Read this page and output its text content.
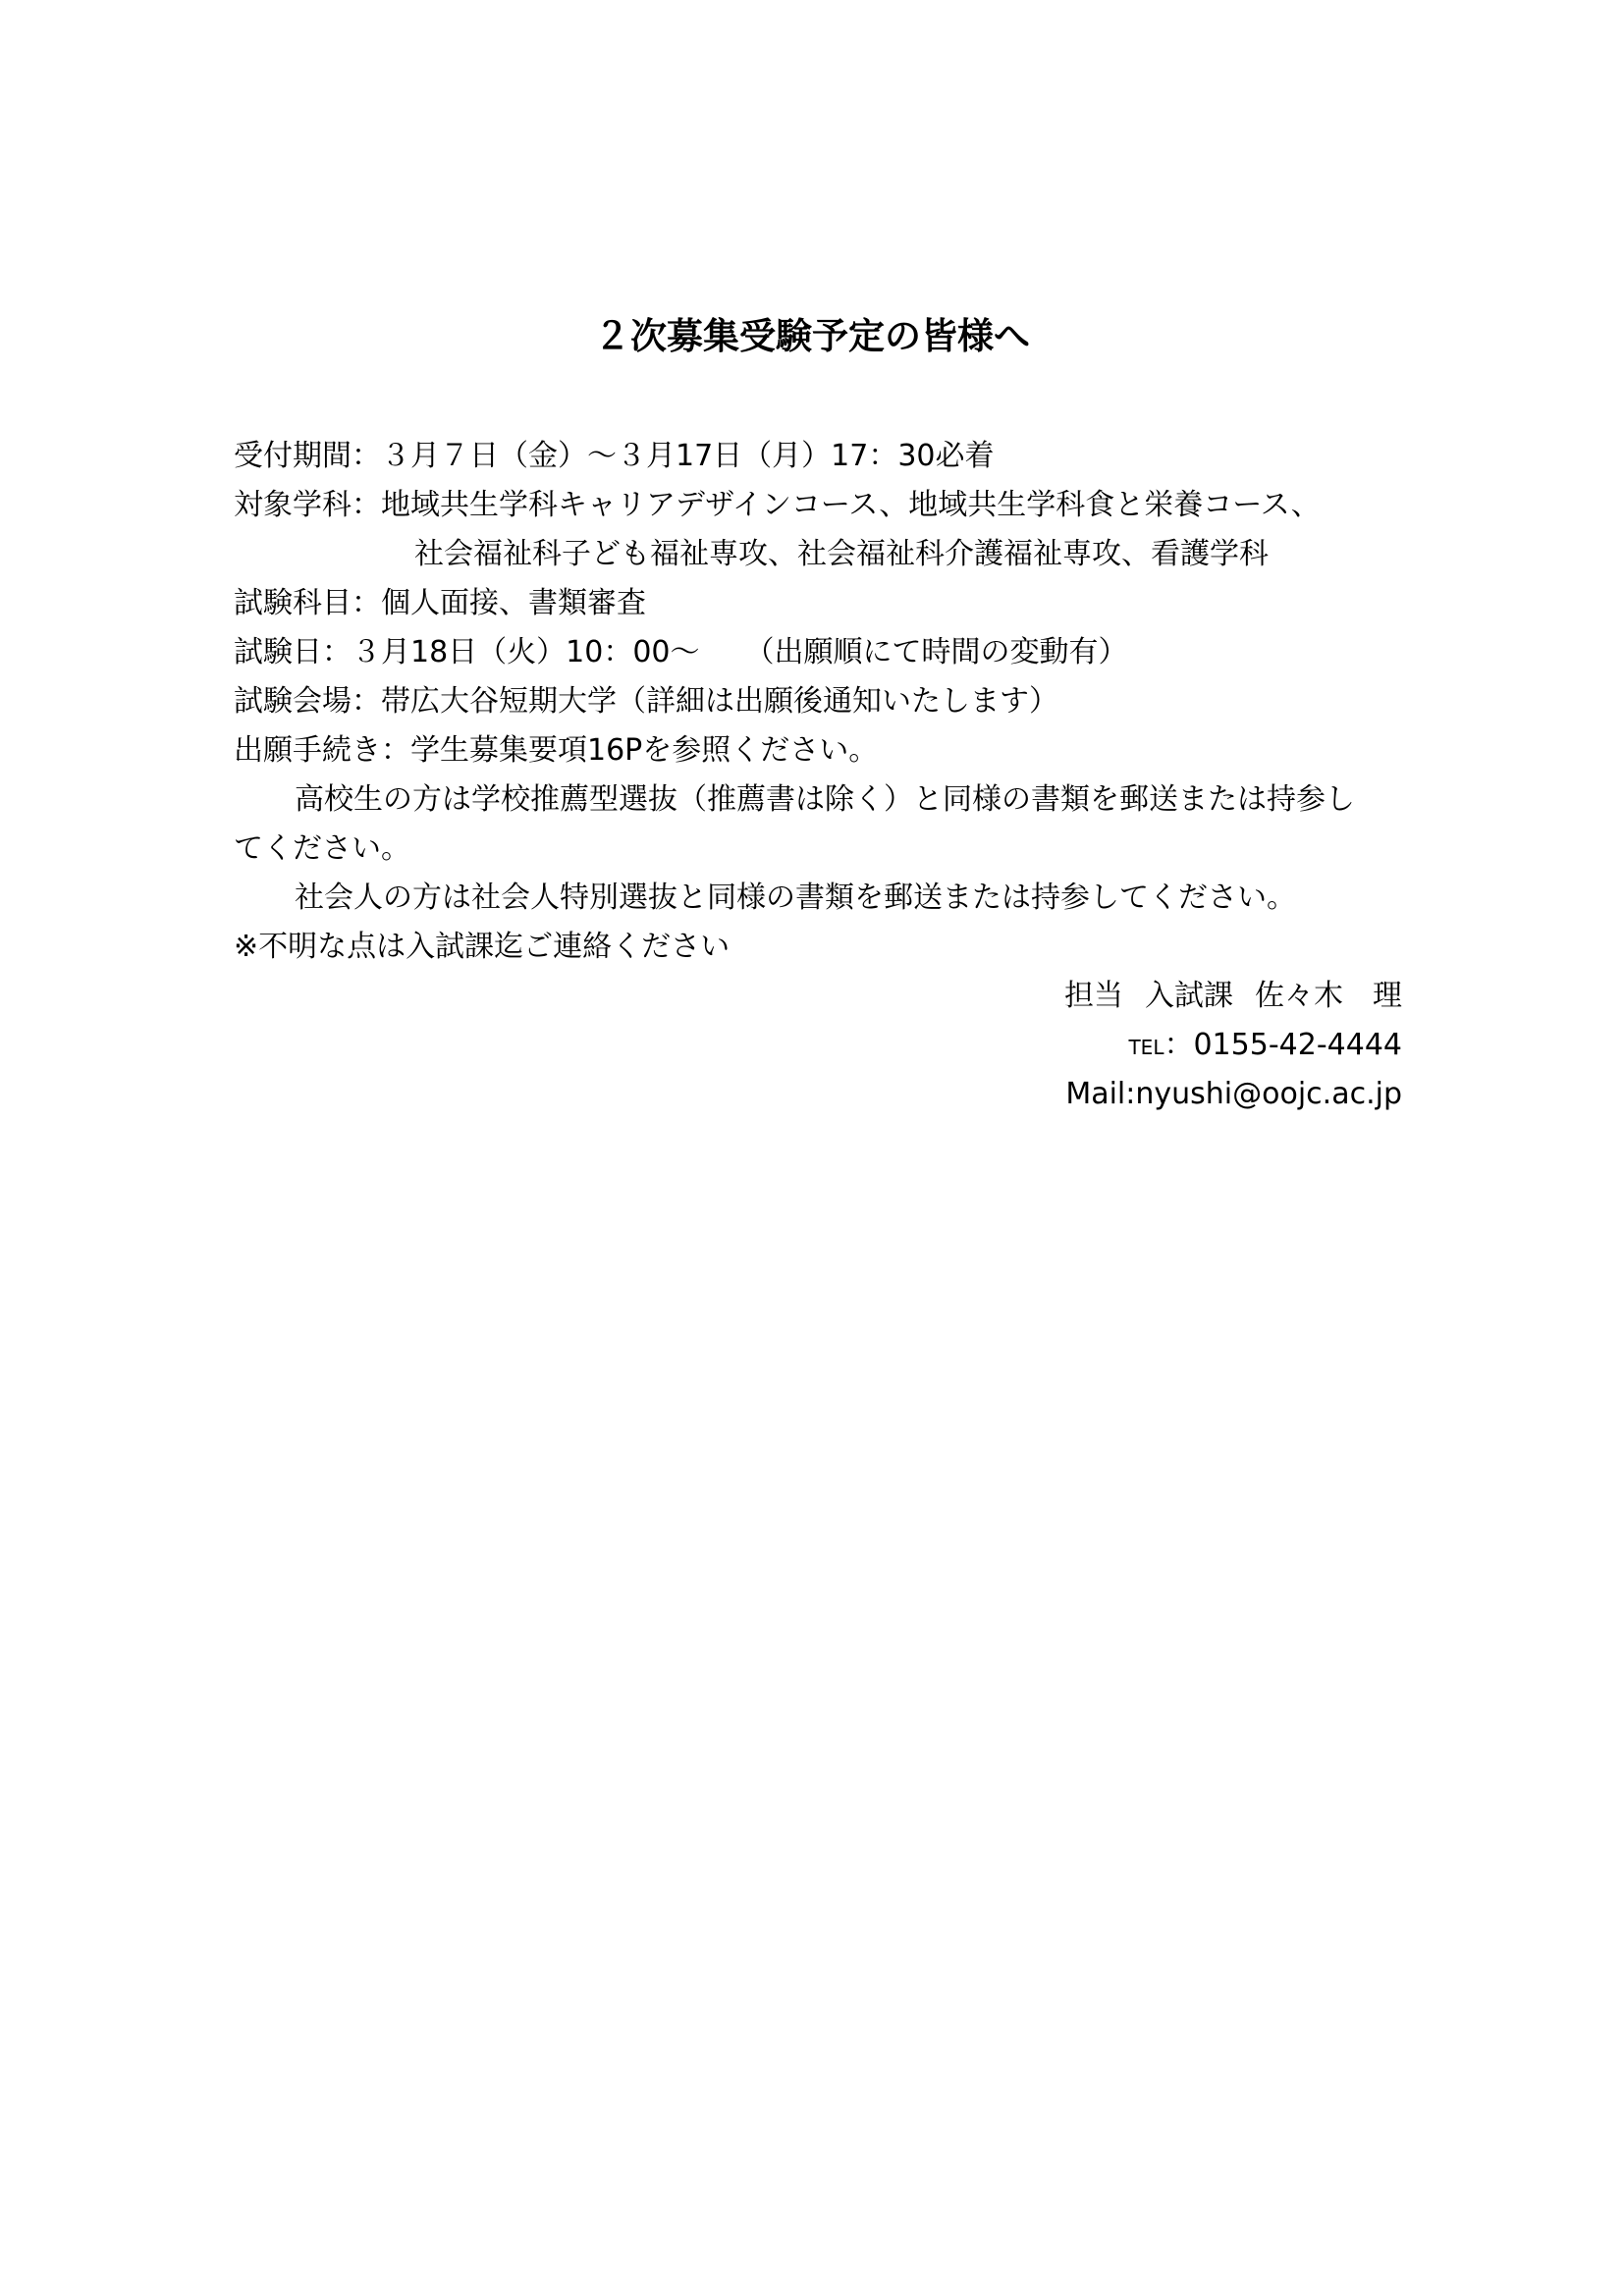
２次募集受験予定の皆様へ
受付期間：３月７日（金）～３月17日（月）17：30必着
対象学科：地域共生学科キャリアデザインコース、地域共生学科食と栄養コース、
社会福祉科子ども福祉専攻、社会福祉科介護福祉専攻、看護学科
試験科目：個人面接、書類審査
試験日：３月18日（火）10：00～ （出願順にて時間の変動有）
試験会場：帯広大谷短期大学（詳細は出願後通知いたします）
出願手続き：学生募集要項16Pを参照ください。
高校生の方は学校推薦型選抜（推薦書は除く）と同様の書類を郵送または持参し
てください。
社会人の方は社会人特別選抜と同様の書類を郵送または持参してください。
※不明な点は入試課迄ご連絡ください
担当 入試課 佐々木　理
TEL：0155-42-4444
Mail:nyushi@oojc.ac.jp
